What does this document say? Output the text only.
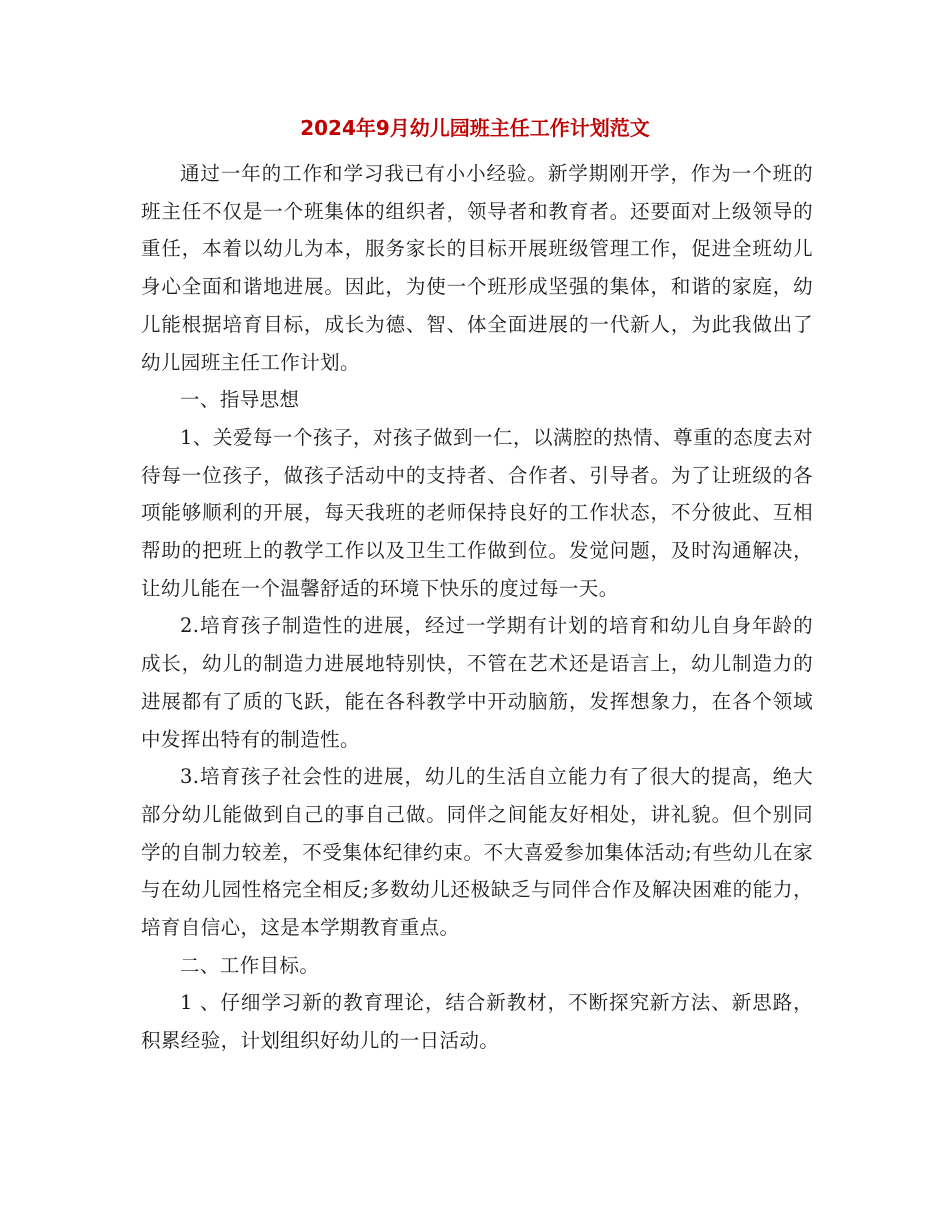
2024年9月幼儿园班主任工作计划范文

通过一年的工作和学习我已有小小经验。新学期刚开学，作为一个班的班主任不仅是一个班集体的组织者，领导者和教育者。还要面对上级领导的重任，本着以幼儿为本，服务家长的目标开展班级管理工作，促进全班幼儿身心全面和谐地进展。因此，为使一个班形成坚强的集体，和谐的家庭，幼儿能根据培育目标，成长为德、智、体全面进展的一代新人，为此我做出了幼儿园班主任工作计划。

一、指导思想

1、关爱每一个孩子，对孩子做到一仁，以满腔的热情、尊重的态度去对待每一位孩子，做孩子活动中的支持者、合作者、引导者。为了让班级的各项能够顺利的开展，每天我班的老师保持良好的工作状态，不分彼此、互相帮助的把班上的教学工作以及卫生工作做到位。发觉问题，及时沟通解决，让幼儿能在一个温馨舒适的环境下快乐的度过每一天。

2.培育孩子制造性的进展，经过一学期有计划的培育和幼儿自身年龄的成长，幼儿的制造力进展地特别快，不管在艺术还是语言上，幼儿制造力的进展都有了质的飞跃，能在各科教学中开动脑筋，发挥想象力，在各个领域中发挥出特有的制造性。

3.培育孩子社会性的进展，幼儿的生活自立能力有了很大的提高，绝大部分幼儿能做到自己的事自己做。同伴之间能友好相处，讲礼貌。但个别同学的自制力较差，不受集体纪律约束。不大喜爱参加集体活动;有些幼儿在家与在幼儿园性格完全相反;多数幼儿还极缺乏与同伴合作及解决困难的能力，培育自信心，这是本学期教育重点。

二、工作目标。

1 、仔细学习新的教育理论，结合新教材，不断探究新方法、新思路，积累经验，计划组织好幼儿的一日活动。
